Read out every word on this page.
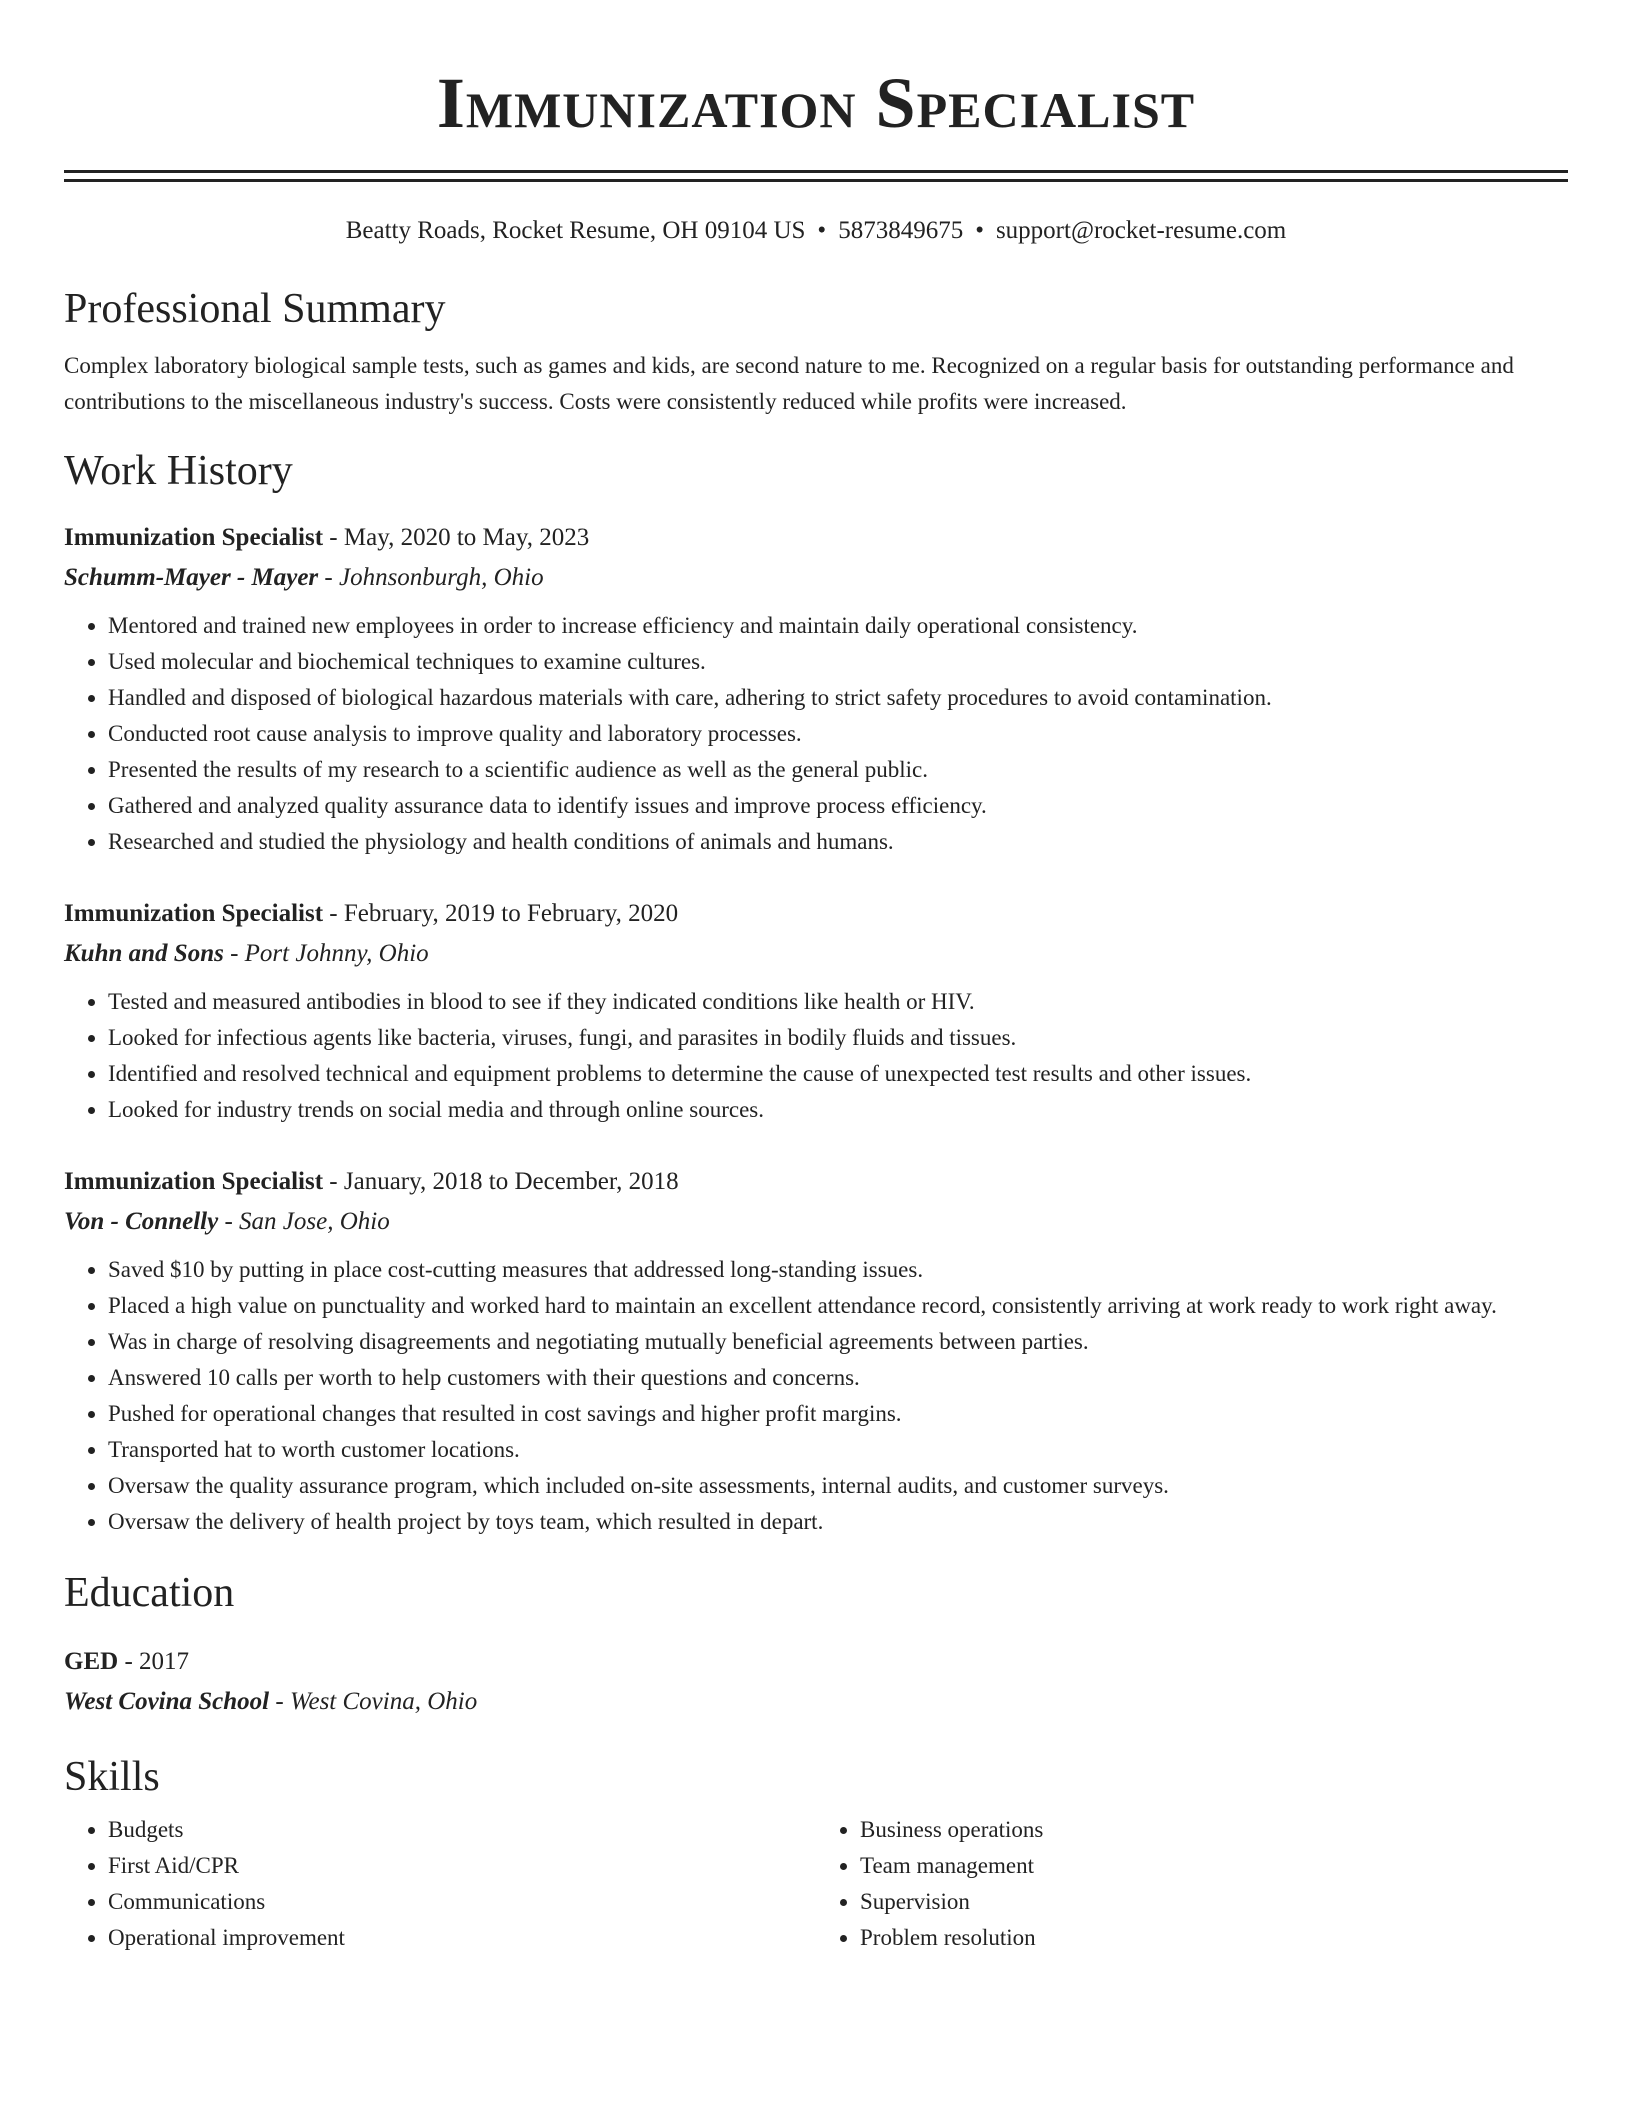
Immunization Specialist
Beatty Roads, Rocket Resume, OH 09104 US • 5873849675 • support@rocket-resume.com
Professional Summary
Complex laboratory biological sample tests, such as games and kids, are second nature to me. Recognized on a regular basis for outstanding performance and contributions to the miscellaneous industry's success. Costs were consistently reduced while profits were increased.
Work History
Immunization Specialist - May, 2020 to May, 2023
Schumm-Mayer - Mayer - Johnsonburgh, Ohio
• Mentored and trained new employees in order to increase efficiency and maintain daily operational consistency.
• Used molecular and biochemical techniques to examine cultures.
• Handled and disposed of biological hazardous materials with care, adhering to strict safety procedures to avoid contamination.
• Conducted root cause analysis to improve quality and laboratory processes.
• Presented the results of my research to a scientific audience as well as the general public.
• Gathered and analyzed quality assurance data to identify issues and improve process efficiency.
• Researched and studied the physiology and health conditions of animals and humans.
Immunization Specialist - February, 2019 to February, 2020
Kuhn and Sons - Port Johnny, Ohio
• Tested and measured antibodies in blood to see if they indicated conditions like health or HIV.
• Looked for infectious agents like bacteria, viruses, fungi, and parasites in bodily fluids and tissues.
• Identified and resolved technical and equipment problems to determine the cause of unexpected test results and other issues.
• Looked for industry trends on social media and through online sources.
Immunization Specialist - January, 2018 to December, 2018
Von - Connelly - San Jose, Ohio
• Saved $10 by putting in place cost-cutting measures that addressed long-standing issues.
• Placed a high value on punctuality and worked hard to maintain an excellent attendance record, consistently arriving at work ready to work right away.
• Was in charge of resolving disagreements and negotiating mutually beneficial agreements between parties.
• Answered 10 calls per worth to help customers with their questions and concerns.
• Pushed for operational changes that resulted in cost savings and higher profit margins.
• Transported hat to worth customer locations.
• Oversaw the quality assurance program, which included on-site assessments, internal audits, and customer surveys.
• Oversaw the delivery of health project by toys team, which resulted in depart.
Education
GED - 2017
West Covina School - West Covina, Ohio
Skills
• Budgets
• First Aid/CPR
• Communications
• Operational improvement
• Business operations
• Team management
• Supervision
• Problem resolution
